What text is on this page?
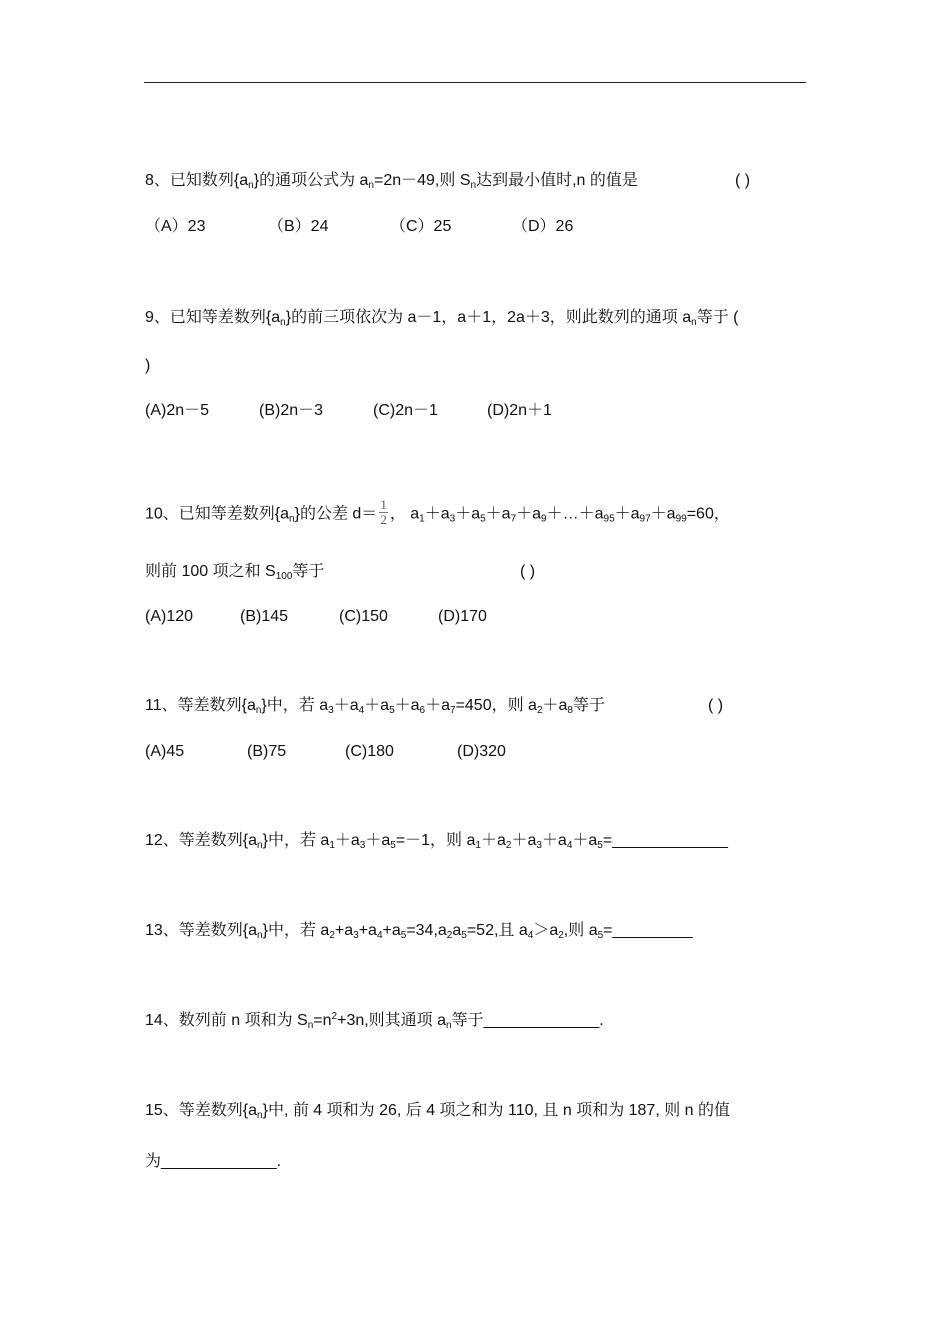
8、已知数列$\{a_n\}$的通项公式为 $a_n=2n-49$,则 $S_n$达到最小值时,n 的值是	( )
（A）23	（B）24	（C）25	（D）26
9、已知等差数列$\{a_n\}$的前三项依次为 a－1，a＋1，2a＋3，则此数列的通项 $a_n$等于 (
)
(A)2n－5	(B)2n－3	(C)2n－1	(D)2n＋1
10、已知等差数列$\{a_n\}$的公差 $d= \frac{1}{2}$ ， $a_1+a_3+a_5+a_7+a_9+\dots+a_{95}+a_{97}+a_{99}=60$，
则前 100 项之和 $S_{100}$等于	( )
(A)120	(B)145	(C)150	(D)170
11、等差数列$\{a_n\}$中，若 $a_3+a_4+a_5+a_6+a_7=450$，则 $a_2+a_8$等于	( )
(A)45	(B)75	(C)180	(D)320
12、等差数列$\{a_n\}$中，若 $a_1+a_3+a_5=-1$，则 $a_1+a_2+a_3+a_4+a_5=\_\_\_\_\_\_\_\_\_\_\_\_\_$
13、等差数列$\{a_n\}$中，若 $a_2+a_3+a_4+a_5=34,a_2a_5=52$,且 $a_4>a_2$,则 $a_5=\_\_\_\_\_\_\_\_\_$
14、数列前 n 项和为 $S_n=n^2+3n$,则其通项 $a_n$等于_____________.
15、等差数列$\{a_n\}$中, 前 4 项和为 26, 后 4 项之和为 110, 且 n 项和为 187, 则 n 的值
为_____________.
